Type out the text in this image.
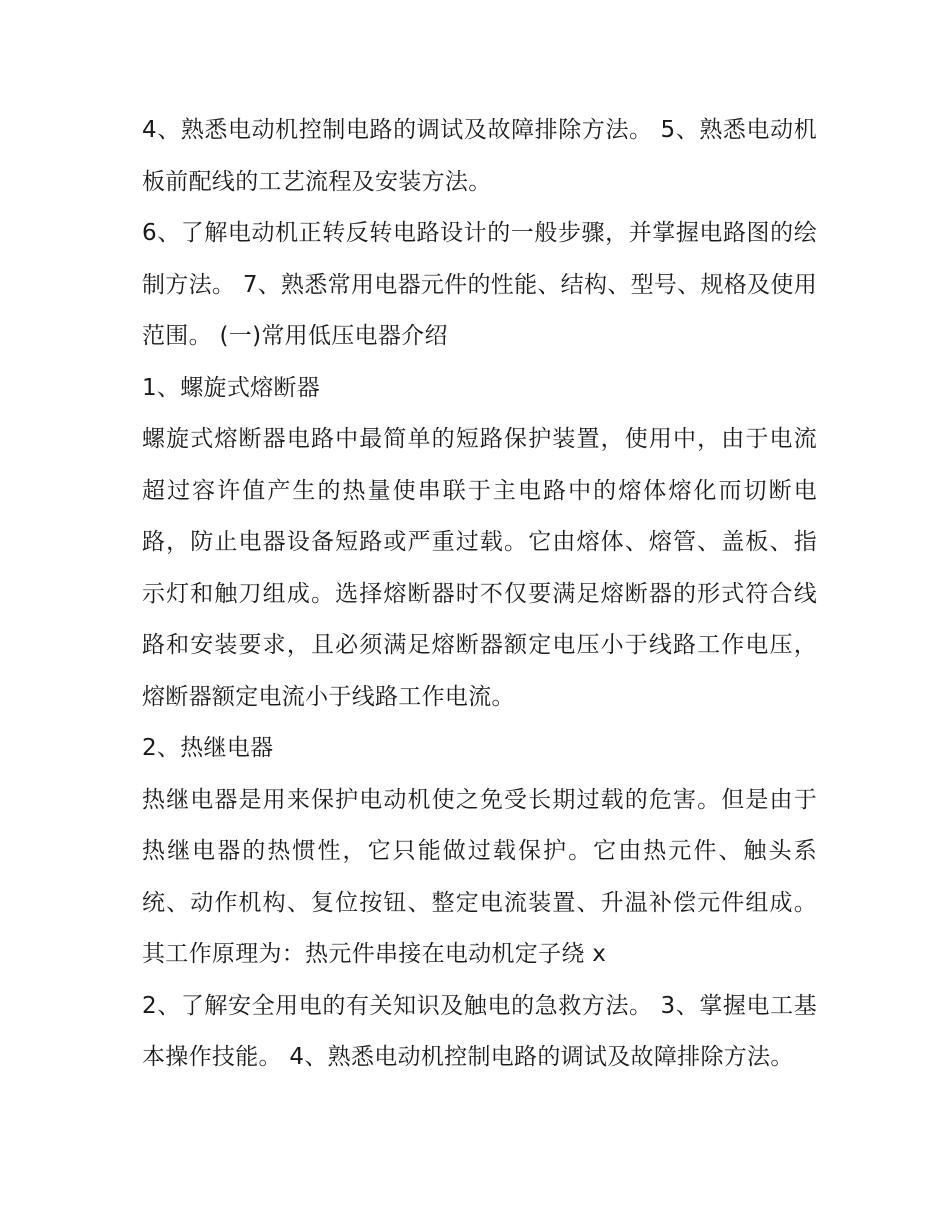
4、熟悉电动机控制电路的调试及故障排除方法。 5、熟悉电动机板前配线的工艺流程及安装方法。

6、了解电动机正转反转电路设计的一般步骤，并掌握电路图的绘制方法。 7、熟悉常用电器元件的性能、结构、型号、规格及使用范围。 (一)常用低压电器介绍

1、螺旋式熔断器

螺旋式熔断器电路中最简单的短路保护装置，使用中，由于电流超过容许值产生的热量使串联于主电路中的熔体熔化而切断电路，防止电器设备短路或严重过载。它由熔体、熔管、盖板、指示灯和触刀组成。选择熔断器时不仅要满足熔断器的形式符合线路和安装要求，且必须满足熔断器额定电压小于线路工作电压，熔断器额定电流小于线路工作电流。

2、热继电器

热继电器是用来保护电动机使之免受长期过载的危害。但是由于热继电器的热惯性，它只能做过载保护。它由热元件、触头系统、动作机构、复位按钮、整定电流装置、升温补偿元件组成。其工作原理为：热元件串接在电动机定子绕 x

2、了解安全用电的有关知识及触电的急救方法。 3、掌握电工基本操作技能。 4、熟悉电动机控制电路的调试及故障排除方法。
